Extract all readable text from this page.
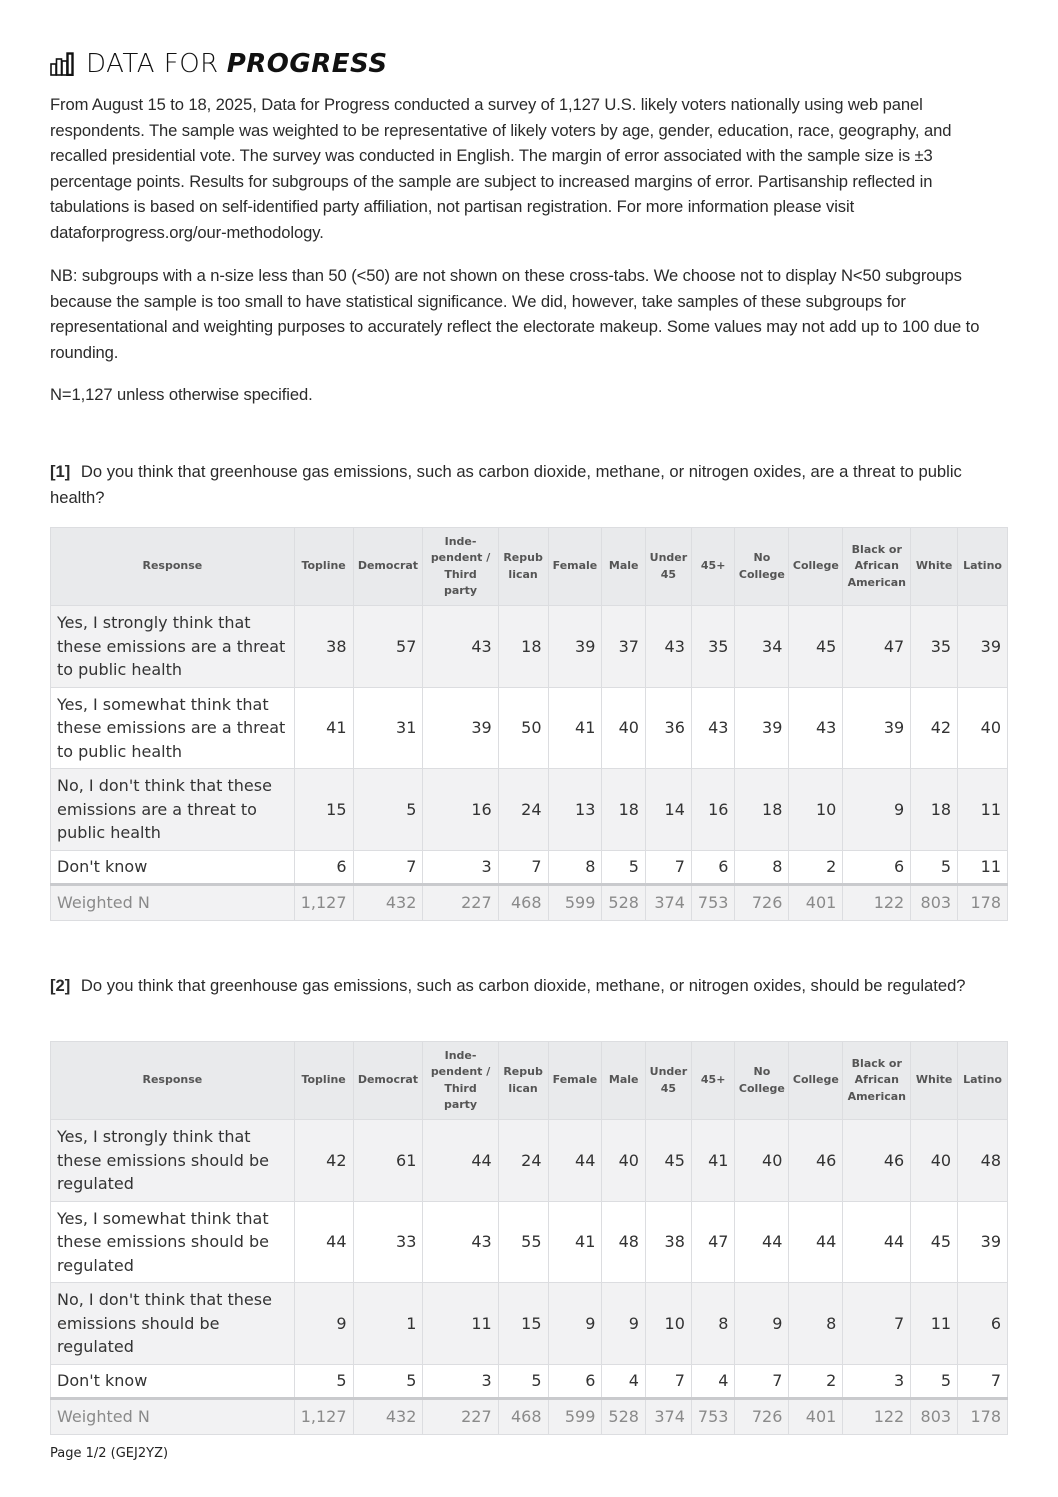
DATA FOR PROGRESS

From August 15 to 18, 2025, Data for Progress conducted a survey of 1,127 U.S. likely voters nationally using web panel respondents. The sample was weighted to be representative of likely voters by age, gender, education, race, geography, and recalled presidential vote. The survey was conducted in English. The margin of error associated with the sample size is ±3 percentage points. Results for subgroups of the sample are subject to increased margins of error. Partisanship reflected in tabulations is based on self-identified party affiliation, not partisan registration. For more information please visit dataforprogress.org/our-methodology.

NB: subgroups with a n-size less than 50 (<50) are not shown on these cross-tabs. We choose not to display N<50 subgroups because the sample is too small to have statistical significance. We did, however, take samples of these subgroups for representational and weighting purposes to accurately reflect the electorate makeup. Some values may not add up to 100 due to rounding.

N=1,127 unless otherwise specified.

[1] Do you think that greenhouse gas emissions, such as carbon dioxide, methane, or nitrogen oxides, are a threat to public health?

Response	Topline	Democrat	Inde- pendent / Third party	Repub lican	Female	Male	Under 45	45+	No College	College	Black or African American	White	Latino
Yes, I strongly think that these emissions are a threat to public health	38	57	43	18	39	37	43	35	34	45	47	35	39
Yes, I somewhat think that these emissions are a threat to public health	41	31	39	50	41	40	36	43	39	43	39	42	40
No, I don't think that these emissions are a threat to public health	15	5	16	24	13	18	14	16	18	10	9	18	11
Don't know	6	7	3	7	8	5	7	6	8	2	6	5	11
Weighted N	1,127	432	227	468	599	528	374	753	726	401	122	803	178

[2] Do you think that greenhouse gas emissions, such as carbon dioxide, methane, or nitrogen oxides, should be regulated?

Response	Topline	Democrat	Inde- pendent / Third party	Repub lican	Female	Male	Under 45	45+	No College	College	Black or African American	White	Latino
Yes, I strongly think that these emissions should be regulated	42	61	44	24	44	40	45	41	40	46	46	40	48
Yes, I somewhat think that these emissions should be regulated	44	33	43	55	41	48	38	47	44	44	44	45	39
No, I don't think that these emissions should be regulated	9	1	11	15	9	9	10	8	9	8	7	11	6
Don't know	5	5	3	5	6	4	7	4	7	2	3	5	7
Weighted N	1,127	432	227	468	599	528	374	753	726	401	122	803	178
Page 1/2 (GEJ2YZ)
